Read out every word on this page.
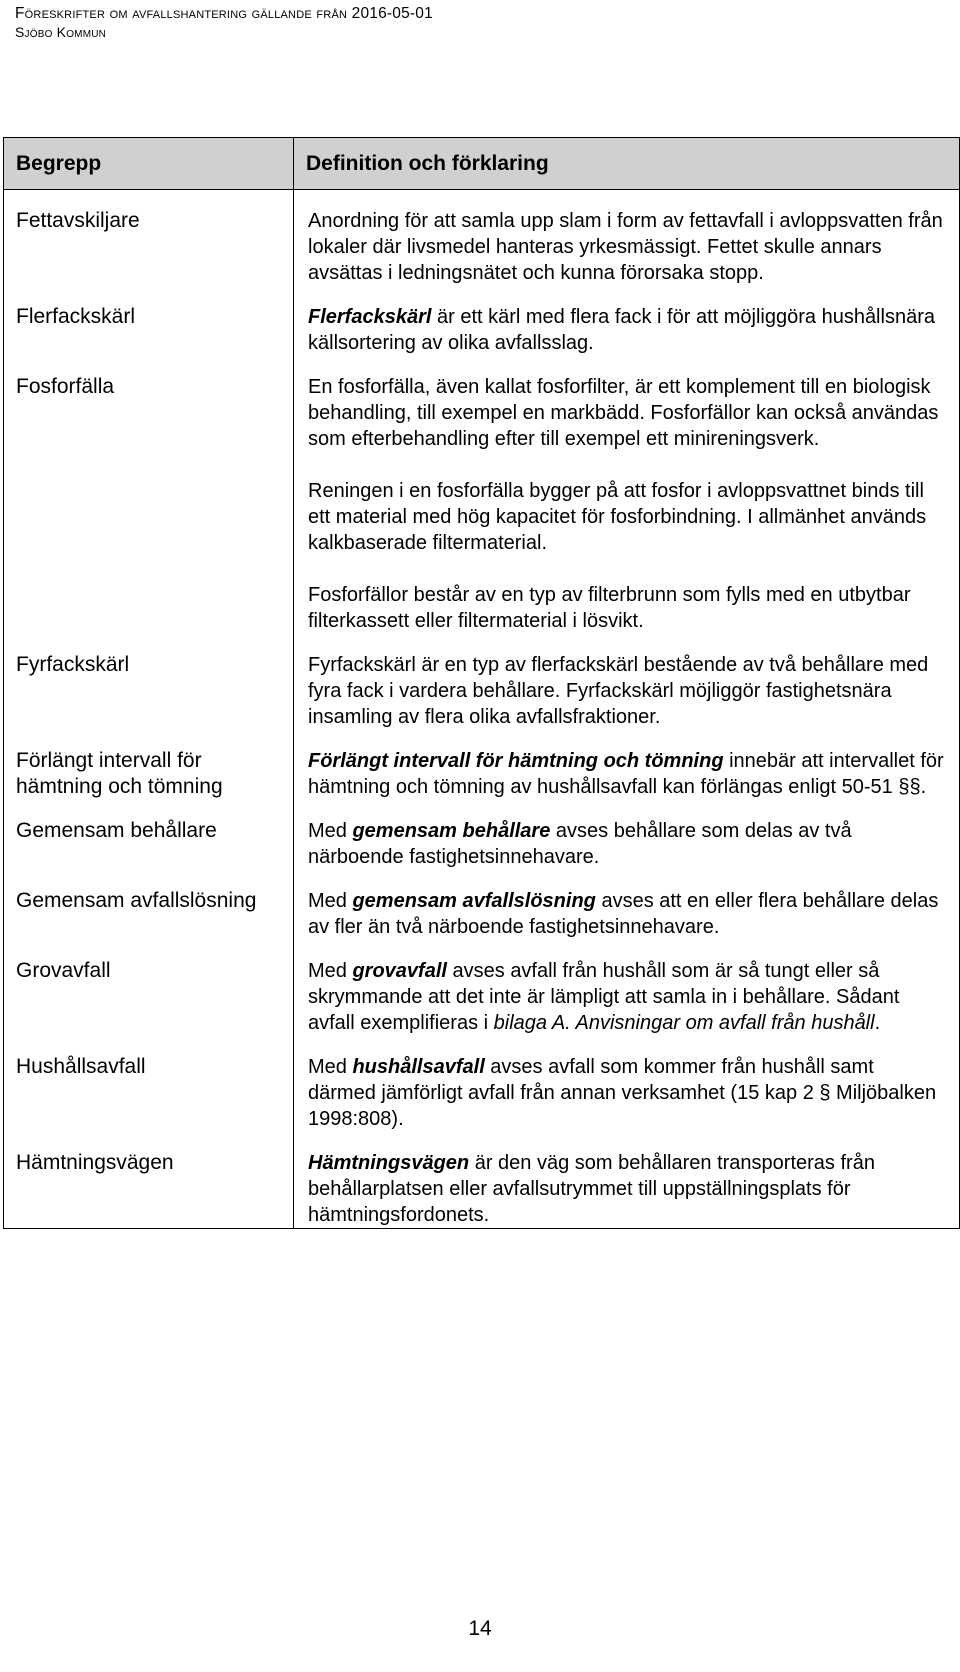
Föreskrifter om avfallshantering gällande från 2016-05-01
Sjöbo Kommun
Begrepp	Definition och förklaring

Fettavskiljare	Anordning för att samla upp slam i form av fettavfall i avloppsvatten från lokaler där livsmedel hanteras yrkesmässigt. Fettet skulle annars avsättas i ledningsnätet och kunna förorsaka stopp.

Flerfackskärl	Flerfackskärl är ett kärl med flera fack i för att möjliggöra hushållsnära källsortering av olika avfallsslag.

Fosforfälla	En fosforfälla, även kallat fosforfilter, är ett komplement till en biologisk behandling, till exempel en markbädd. Fosforfällor kan också användas som efterbehandling efter till exempel ett minireningsverk.

Reningen i en fosforfälla bygger på att fosfor i avloppsvattnet binds till ett material med hög kapacitet för fosforbindning. I allmänhet används kalkbaserade filtermaterial.

Fosforfällor består av en typ av filterbrunn som fylls med en utbytbar filterkassett eller filtermaterial i lösvikt.

Fyrfackskärl	Fyrfackskärl är en typ av flerfackskärl bestående av två behållare med fyra fack i vardera behållare. Fyrfackskärl möjliggör fastighetsnära insamling av flera olika avfallsfraktioner.

Förlängt intervall för hämtning och tömning	Förlängt intervall för hämtning och tömning innebär att intervallet för hämtning och tömning av hushållsavfall kan förlängas enligt 50-51 §§.

Gemensam behållare	Med gemensam behållare avses behållare som delas av två närboende fastighetsinnehavare.

Gemensam avfallslösning	Med gemensam avfallslösning avses att en eller flera behållare delas av fler än två närboende fastighetsinnehavare.

Grovavfall	Med grovavfall avses avfall från hushåll som är så tungt eller så skrymmande att det inte är lämpligt att samla in i behållare. Sådant avfall exemplifieras i bilaga A. Anvisningar om avfall från hushåll.

Hushållsavfall	Med hushållsavfall avses avfall som kommer från hushåll samt därmed jämförligt avfall från annan verksamhet (15 kap 2 § Miljöbalken 1998:808).

Hämtningsvägen	Hämtningsvägen är den väg som behållaren transporteras från behållarplatsen eller avfallsutrymmet till uppställningsplats för hämtningsfordonets.

14
